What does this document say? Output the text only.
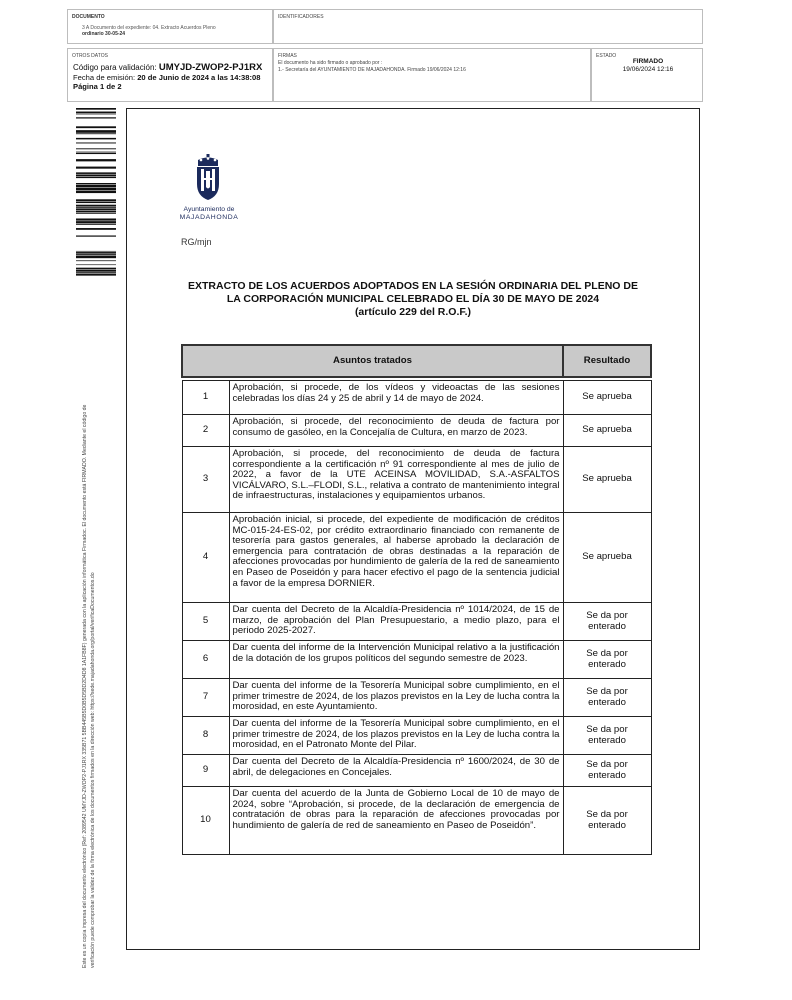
DOCUMENTO
3 A Documento del expediente: 04. Extracto Acuerdos Pleno
ordinario 30-05-24
IDENTIFICADORES
OTROS DATOS
Código para validación: UMYJD-ZWOP2-PJ1RX
Fecha de emisión: 20 de Junio de 2024 a las 14:38:08
Página 1 de 2
FIRMAS
El documento ha sido firmado o aprobado por :
1.- Secretaría del AYUNTAMIENTO DE MAJADAHONDA. Firmado 19/06/2024 12:16
ESTADO
FIRMADO
19/06/2024 12:16
Este es un copia impresa del documento electrónico (Ref: 2089542 UMYJD-ZWOP2-PJ1RX 335B71 5BB445B5D0B5D5BD2D4D8 1A1FB8F) generada con la aplicación informática Firmadoc. El documento está FIRMADO. Mediante el código de verificación puede comprobar la validez de la firma electrónica de los documentos firmados en la dirección web: https://sede.majadahonda.org/portal/verificaDocumentos.do
Ayuntamiento de
MAJADAHONDA
RG/mjn
EXTRACTO DE LOS ACUERDOS ADOPTADOS EN LA SESIÓN ORDINARIA DEL PLENO DE
LA CORPORACIÓN MUNICIPAL CELEBRADO EL DÍA 30 DE MAYO DE 2024
(artículo 229 del R.O.F.)
Asuntos tratados		Resultado

1	Aprobación, si procede, de los vídeos y videoactas de las sesiones celebradas los días 24 y 25 de abril y 14 de mayo de 2024.	Se aprueba
2	Aprobación, si procede, del reconocimiento de deuda de factura por consumo de gasóleo, en la Concejalía de Cultura, en marzo de 2023.	Se aprueba
3	Aprobación, si procede, del reconocimiento de deuda de factura correspondiente a la certificación nº 91 correspondiente al mes de julio de 2022, a favor de la UTE ACEINSA MOVILIDAD, S.A.-ASFALTOS VICÁLVARO, S.L.–FLODI, S.L., relativa a contrato de mantenimiento integral de infraestructuras, instalaciones y equipamientos urbanos.	Se aprueba
4	Aprobación inicial, si procede, del expediente de modificación de créditos MC-015-24-ES-02, por crédito extraordinario financiado con remanente de tesorería para gastos generales, al haberse aprobado la declaración de emergencia para contratación de obras destinadas a la reparación de afecciones provocadas por hundimiento de galería de la red de saneamiento en Paseo de Poseidón y para hacer efectivo el pago de la sentencia judicial a favor de la empresa DORNIER.	Se aprueba
5	Dar cuenta del Decreto de la Alcaldía-Presidencia nº 1014/2024, de 15 de marzo, de aprobación del Plan Presupuestario, a medio plazo, para el periodo 2025-2027.	Se da por enterado
6	Dar cuenta del informe de la Intervención Municipal relativo a la justificación de la dotación de los grupos políticos del segundo semestre de 2023.	Se da por enterado
7	Dar cuenta del informe de la Tesorería Municipal sobre cumplimiento, en el primer trimestre de 2024, de los plazos previstos en la Ley de lucha contra la morosidad, en este Ayuntamiento.	Se da por enterado
8	Dar cuenta del informe de la Tesorería Municipal sobre cumplimiento, en el primer trimestre de 2024, de los plazos previstos en la Ley de lucha contra la morosidad, en el Patronato Monte del Pilar.	Se da por enterado
9	Dar cuenta del Decreto de la Alcaldía-Presidencia nº 1600/2024, de 30 de abril, de delegaciones en Concejales.	Se da por enterado
10	Dar cuenta del acuerdo de la Junta de Gobierno Local de 10 de mayo de 2024, sobre “Aprobación, si procede, de la declaración de emergencia de contratación de obras para la reparación de afecciones provocadas por hundimiento de galería de red de saneamiento en Paseo de Poseidón”.	Se da por enterado
